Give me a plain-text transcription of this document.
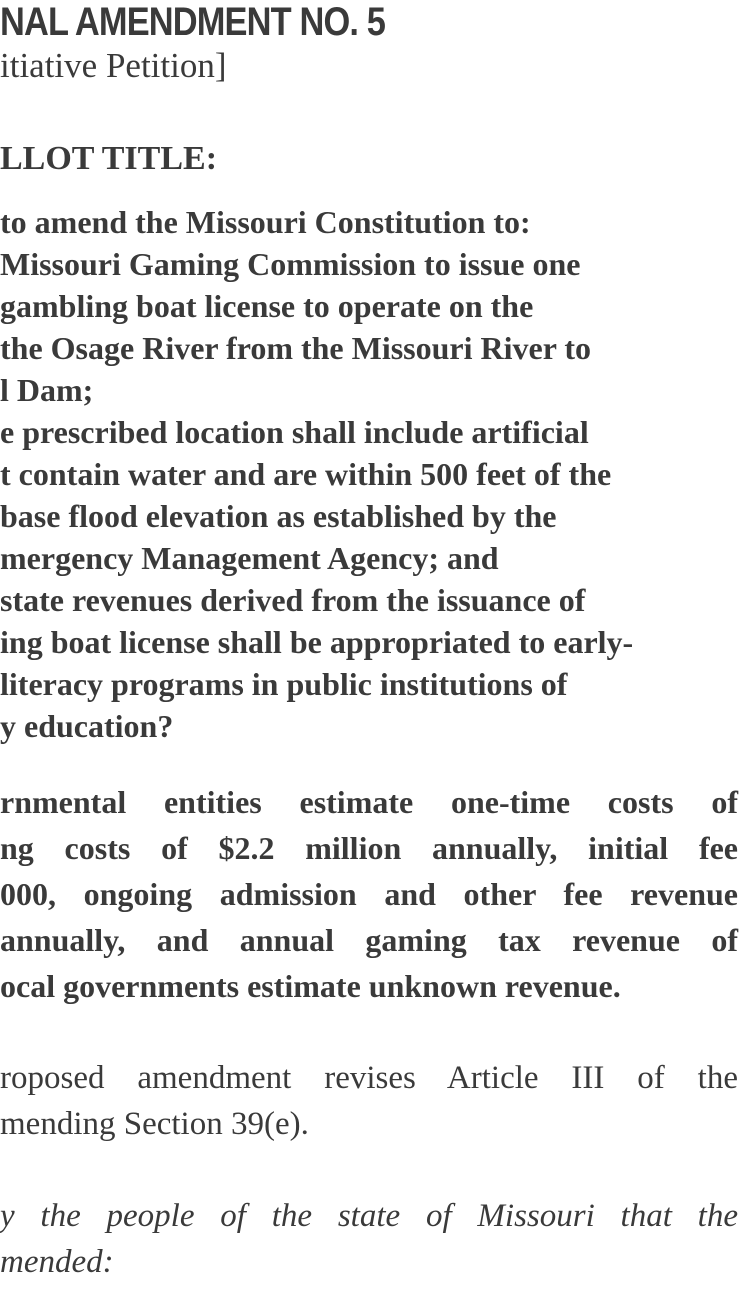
NAL AMENDMENT NO. 5
itiative Petition]
LLOT TITLE:
to amend the Missouri Constitution to:
Missouri Gaming Commission to issue one
gambling boat license to operate on the
the Osage River from the Missouri River to
l Dam;
e prescribed location shall include artificial
t contain water and are within 500 feet of the
base flood elevation as established by the
mergency Management Agency; and
state revenues derived from the issuance of
ing boat license shall be appropriated to early-
literacy programs in public institutions of
y education?
rnmental entities estimate one-time costs of
ng costs of $2.2 million annually, initial fee
000, ongoing admission and other fee revenue
annually, and annual gaming tax revenue of
ocal governments estimate unknown revenue.
roposed amendment revises Article III of the
mending Section 39(e).
y the people of the state of Missouri that the
mended:
